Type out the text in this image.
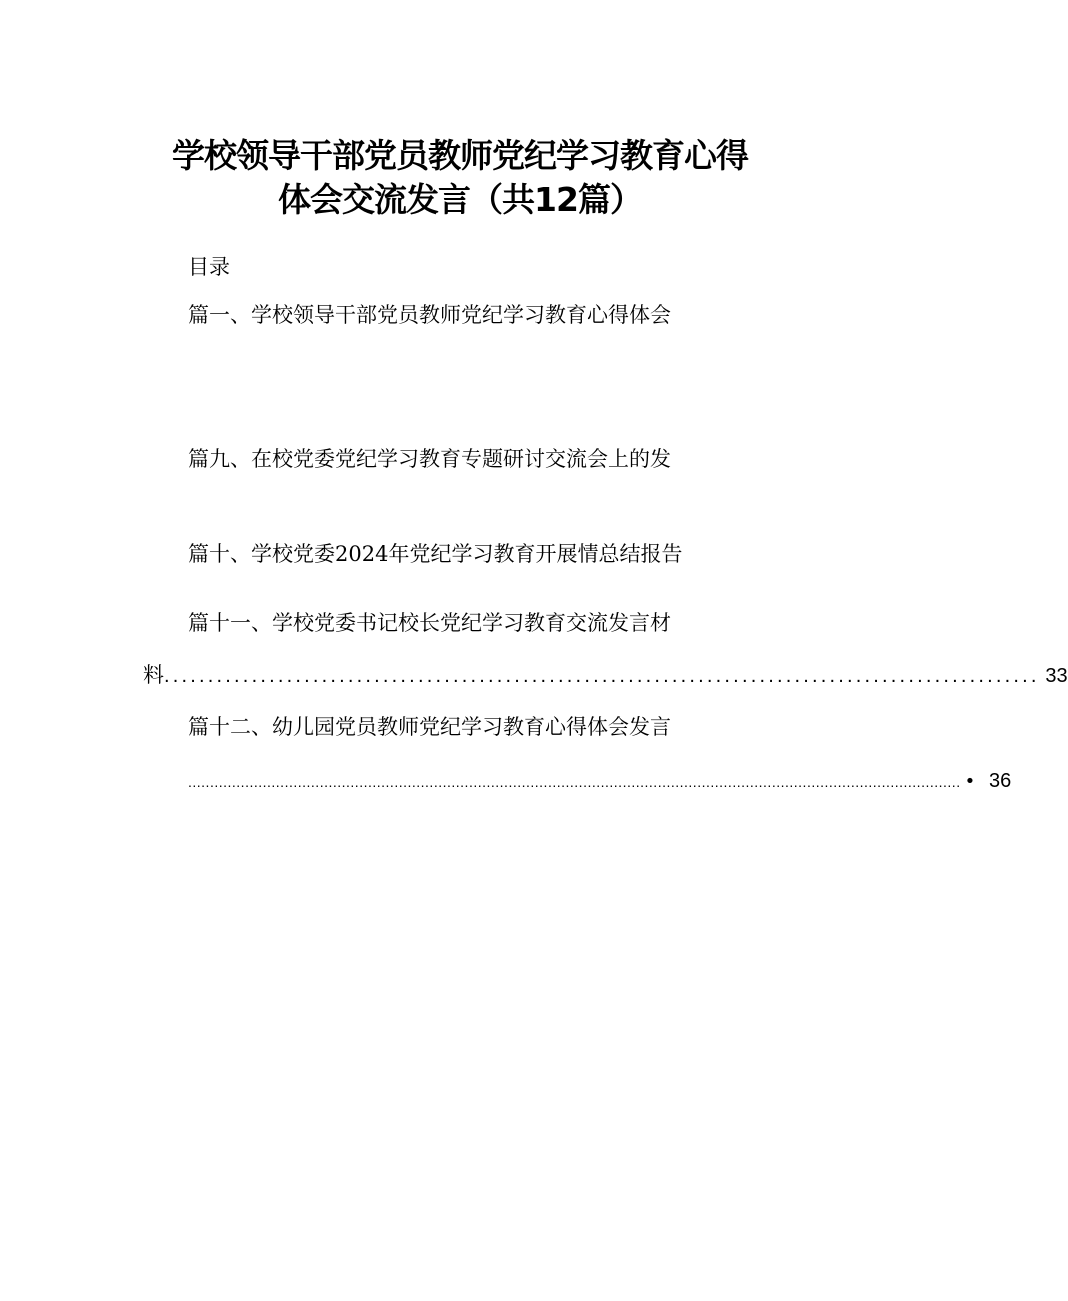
学校领导干部党员教师党纪学习教育心得
体会交流发言（共12篇）
目录
篇一、学校领导干部党员教师党纪学习教育心得体会
篇九、在校党委党纪学习教育专题研讨交流会上的发
篇十、学校党委2024年党纪学习教育开展情总结报告
篇十一、学校党委书记校长党纪学习教育交流发言材
料 .................................................................................................... 33
篇十二、幼儿园党员教师党纪学习教育心得体会发言
................................................................................................................................................................................ • 36
